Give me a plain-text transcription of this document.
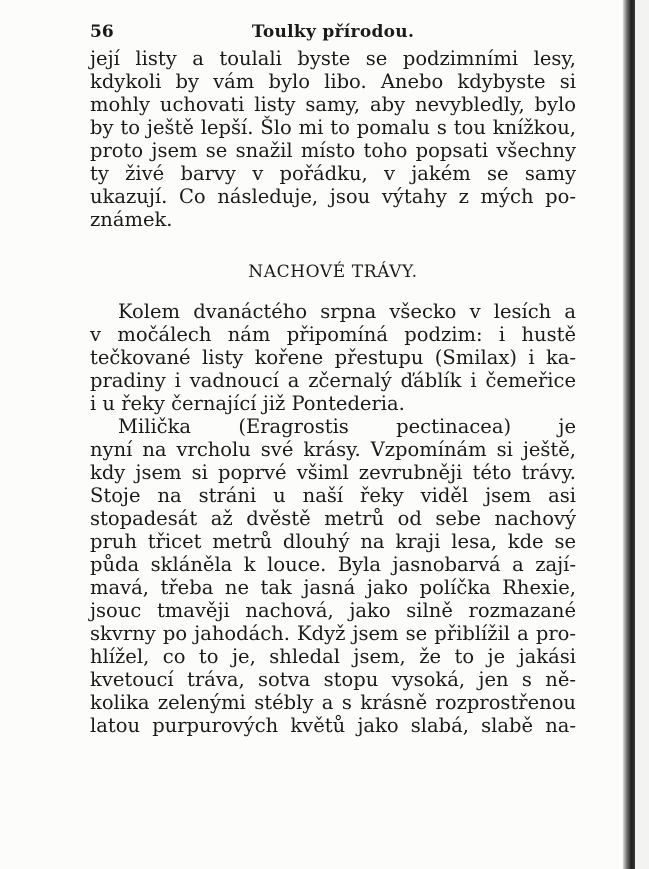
56	Toulky přírodou.
její listy a toulali byste se podzimními lesy,
kdykoli by vám bylo libo. Anebo kdybyste si
mohly uchovati listy samy, aby nevybledly, bylo
by to ještě lepší. Šlo mi to pomalu s tou knížkou,
proto jsem se snažil místo toho popsati všechny
ty živé barvy v pořádku, v jakém se samy
ukazují. Co následuje, jsou výtahy z mých po-
známek.
NACHOVÉ TRÁVY.
Kolem dvanáctého srpna všecko v lesích a
v močálech nám připomíná podzim: i hustě
tečkované listy kořene přestupu (Smilax) i ka-
pradiny i vadnoucí a zčernalý ďáblík i čemeřice
i u řeky černající již Pontederia.
Milička (Eragrostis pectinacea) je
nyní na vrcholu své krásy. Vzpomínám si ještě,
kdy jsem si poprvé všiml zevrubněji této trávy.
Stoje na stráni u naší řeky viděl jsem asi
stopadesát až dvěstě metrů od sebe nachový
pruh třicet metrů dlouhý na kraji lesa, kde se
půda skláněla k louce. Byla jasnobarvá a zají-
mavá, třeba ne tak jasná jako políčka Rhexie,
jsouc tmavěji nachová, jako silně rozmazané
skvrny po jahodách. Když jsem se přiblížil a pro-
hlížel, co to je, shledal jsem, že to je jakási
kvetoucí tráva, sotva stopu vysoká, jen s ně-
kolika zelenými stébly a s krásně rozprostřenou
latou purpurových květů jako slabá, slabě na-
